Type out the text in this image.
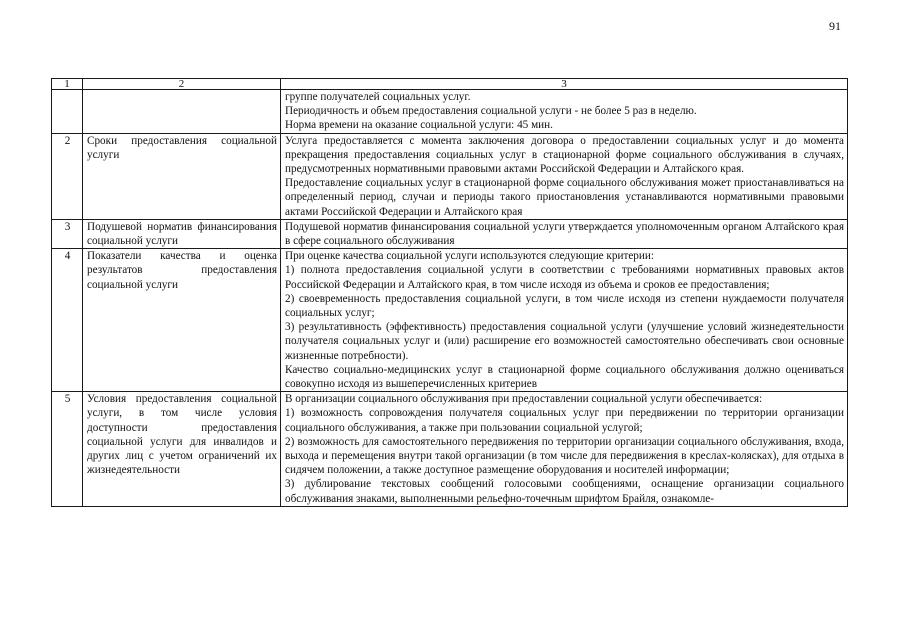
91
1	2	3

		группе получателей социальных услуг.
Периодичность и объем предоставления социальной услуги - не более 5 раз в неделю.
Норма времени на оказание социальной услуги: 45 мин.

2	Сроки предоставления социальной услуги	Услуга предоставляется с момента заключения договора о предоставлении социальных услуг и до момента прекращения предоставления социальных услуг в стационарной форме социального обслуживания в случаях, предусмотренных нормативными правовыми актами Российской Федерации и Алтайского края.
Предоставление социальных услуг в стационарной форме социального обслуживания может приостанавливаться на определенный период, случаи и периоды такого приостановления устанавливаются нормативными правовыми актами Российской Федерации и Алтайского края

3	Подушевой норматив финансирования социальной услуги	Подушевой норматив финансирования социальной услуги утверждается уполномоченным органом Алтайского края в сфере социального обслуживания

4	Показатели качества и оценка результатов предоставления социальной услуги	При оценке качества социальной услуги используются следующие критерии:
1) полнота предоставления социальной услуги в соответствии с требованиями нормативных правовых актов Российской Федерации и Алтайского края, в том числе исходя из объема и сроков ее предоставления;
2) своевременность предоставления социальной услуги, в том числе исходя из степени нуждаемости получателя социальных услуг;
3) результативность (эффективность) предоставления социальной услуги (улучшение условий жизнедеятельности получателя социальных услуг и (или) расширение его возможностей самостоятельно обеспечивать свои основные жизненные потребности).
Качество социально-медицинских услуг в стационарной форме социального обслуживания должно оцениваться совокупно исходя из вышеперечисленных критериев

5	Условия предоставления социальной услуги, в том числе условия доступности предоставления социальной услуги для инвалидов и других лиц с учетом ограничений их жизнедеятельности	В организации социального обслуживания при предоставлении социальной услуги обеспечивается:
1) возможность сопровождения получателя социальных услуг при передвижении по территории организации социального обслуживания, а также при пользовании социальной услугой;
2) возможность для самостоятельного передвижения по территории организации социального обслуживания, входа, выхода и перемещения внутри такой организации (в том числе для передвижения в креслах-колясках), для отдыха в сидячем положении, а также доступное размещение оборудования и носителей информации;
3) дублирование текстовых сообщений голосовыми сообщениями, оснащение организации социального обслуживания знаками, выполненными рельефно-точечным шрифтом Брайля, ознакомле-
